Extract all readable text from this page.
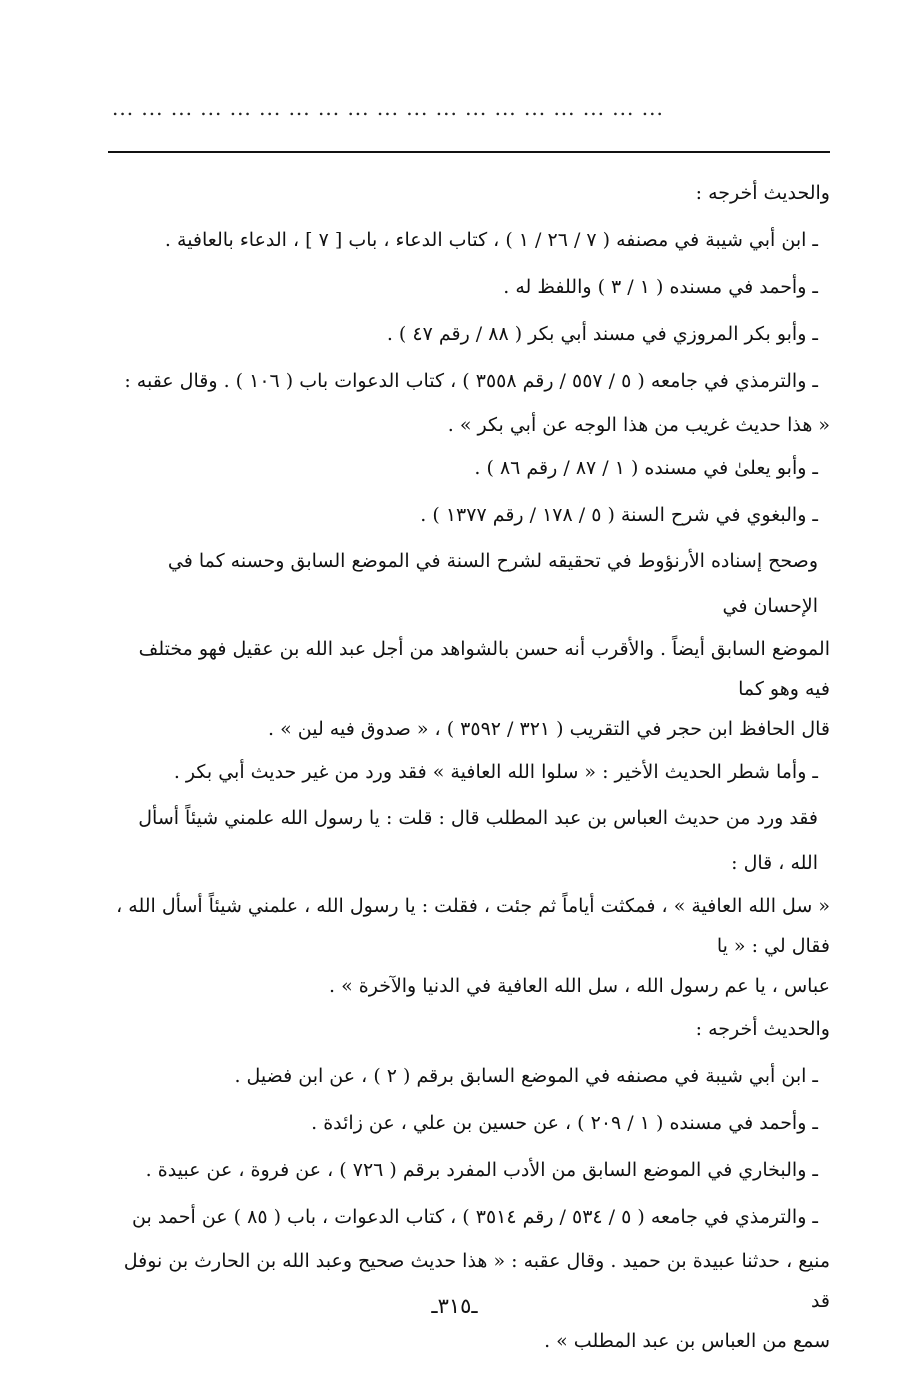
... ... ... ... ... ... ... ... ... ... ... ... ... ... ... ... ... ... ...

والحديث أخرجه :

ـ ابن أبي شيبة في مصنفه ( ٧ / ٢٦ / ١ ) ، كتاب الدعاء ، باب [ ٧ ] ، الدعاء بالعافية .

ـ وأحمد في مسنده ( ١ / ٣ ) واللفظ له .

ـ وأبو بكر المروزي في مسند أبي بكر ( ٨٨ / رقم ٤٧ ) .

ـ والترمذي في جامعه ( ٥ / ٥٥٧ / رقم ٣٥٥٨ ) ، كتاب الدعوات باب ( ١٠٦ ) . وقال عقبه :

« هذا حديث غريب من هذا الوجه عن أبي بكر » .

ـ وأبو يعلىٰ في مسنده ( ١ / ٨٧ / رقم ٨٦ ) .

ـ والبغوي في شرح السنة ( ٥ / ١٧٨ / رقم ١٣٧٧ ) .

وصحح إسناده الأرنؤوط في تحقيقه لشرح السنة في الموضع السابق وحسنه كما في الإحسان في

الموضع السابق أيضاً . والأقرب أنه حسن بالشواهد من أجل عبد الله بن عقيل فهو مختلف فيه وهو كما

قال الحافظ ابن حجر في التقريب ( ٣٢١ / ٣٥٩٢ ) ، « صدوق فيه لين » .

ـ وأما شطر الحديث الأخير : « سلوا الله العافية » فقد ورد من غير حديث أبي بكر .

فقد ورد من حديث العباس بن عبد المطلب قال : قلت : يا رسول الله علمني شيئاً أسأل الله ، قال :

« سل الله العافية » ، فمكثت أياماً ثم جئت ، فقلت : يا رسول الله ، علمني شيئاً أسأل الله ، فقال لي : « يا

عباس ، يا عم رسول الله ، سل الله العافية في الدنيا والآخرة » .

والحديث أخرجه :

ـ ابن أبي شيبة في مصنفه في الموضع السابق برقم ( ٢ ) ، عن ابن فضيل .

ـ وأحمد في مسنده ( ١ / ٢٠٩ ) ، عن حسين بن علي ، عن زائدة .

ـ والبخاري في الموضع السابق من الأدب المفرد برقم ( ٧٢٦ ) ، عن فروة ، عن عبيدة .

ـ والترمذي في جامعه ( ٥ / ٥٣٤ / رقم ٣٥١٤ ) ، كتاب الدعوات ، باب ( ٨٥ ) عن أحمد بن

منيع ، حدثنا عبيدة بن حميد . وقال عقبه : « هذا حديث صحيح وعبد الله بن الحارث بن نوفل قد

سمع من العباس بن عبد المطلب » .

ـ٣١٥ـ
